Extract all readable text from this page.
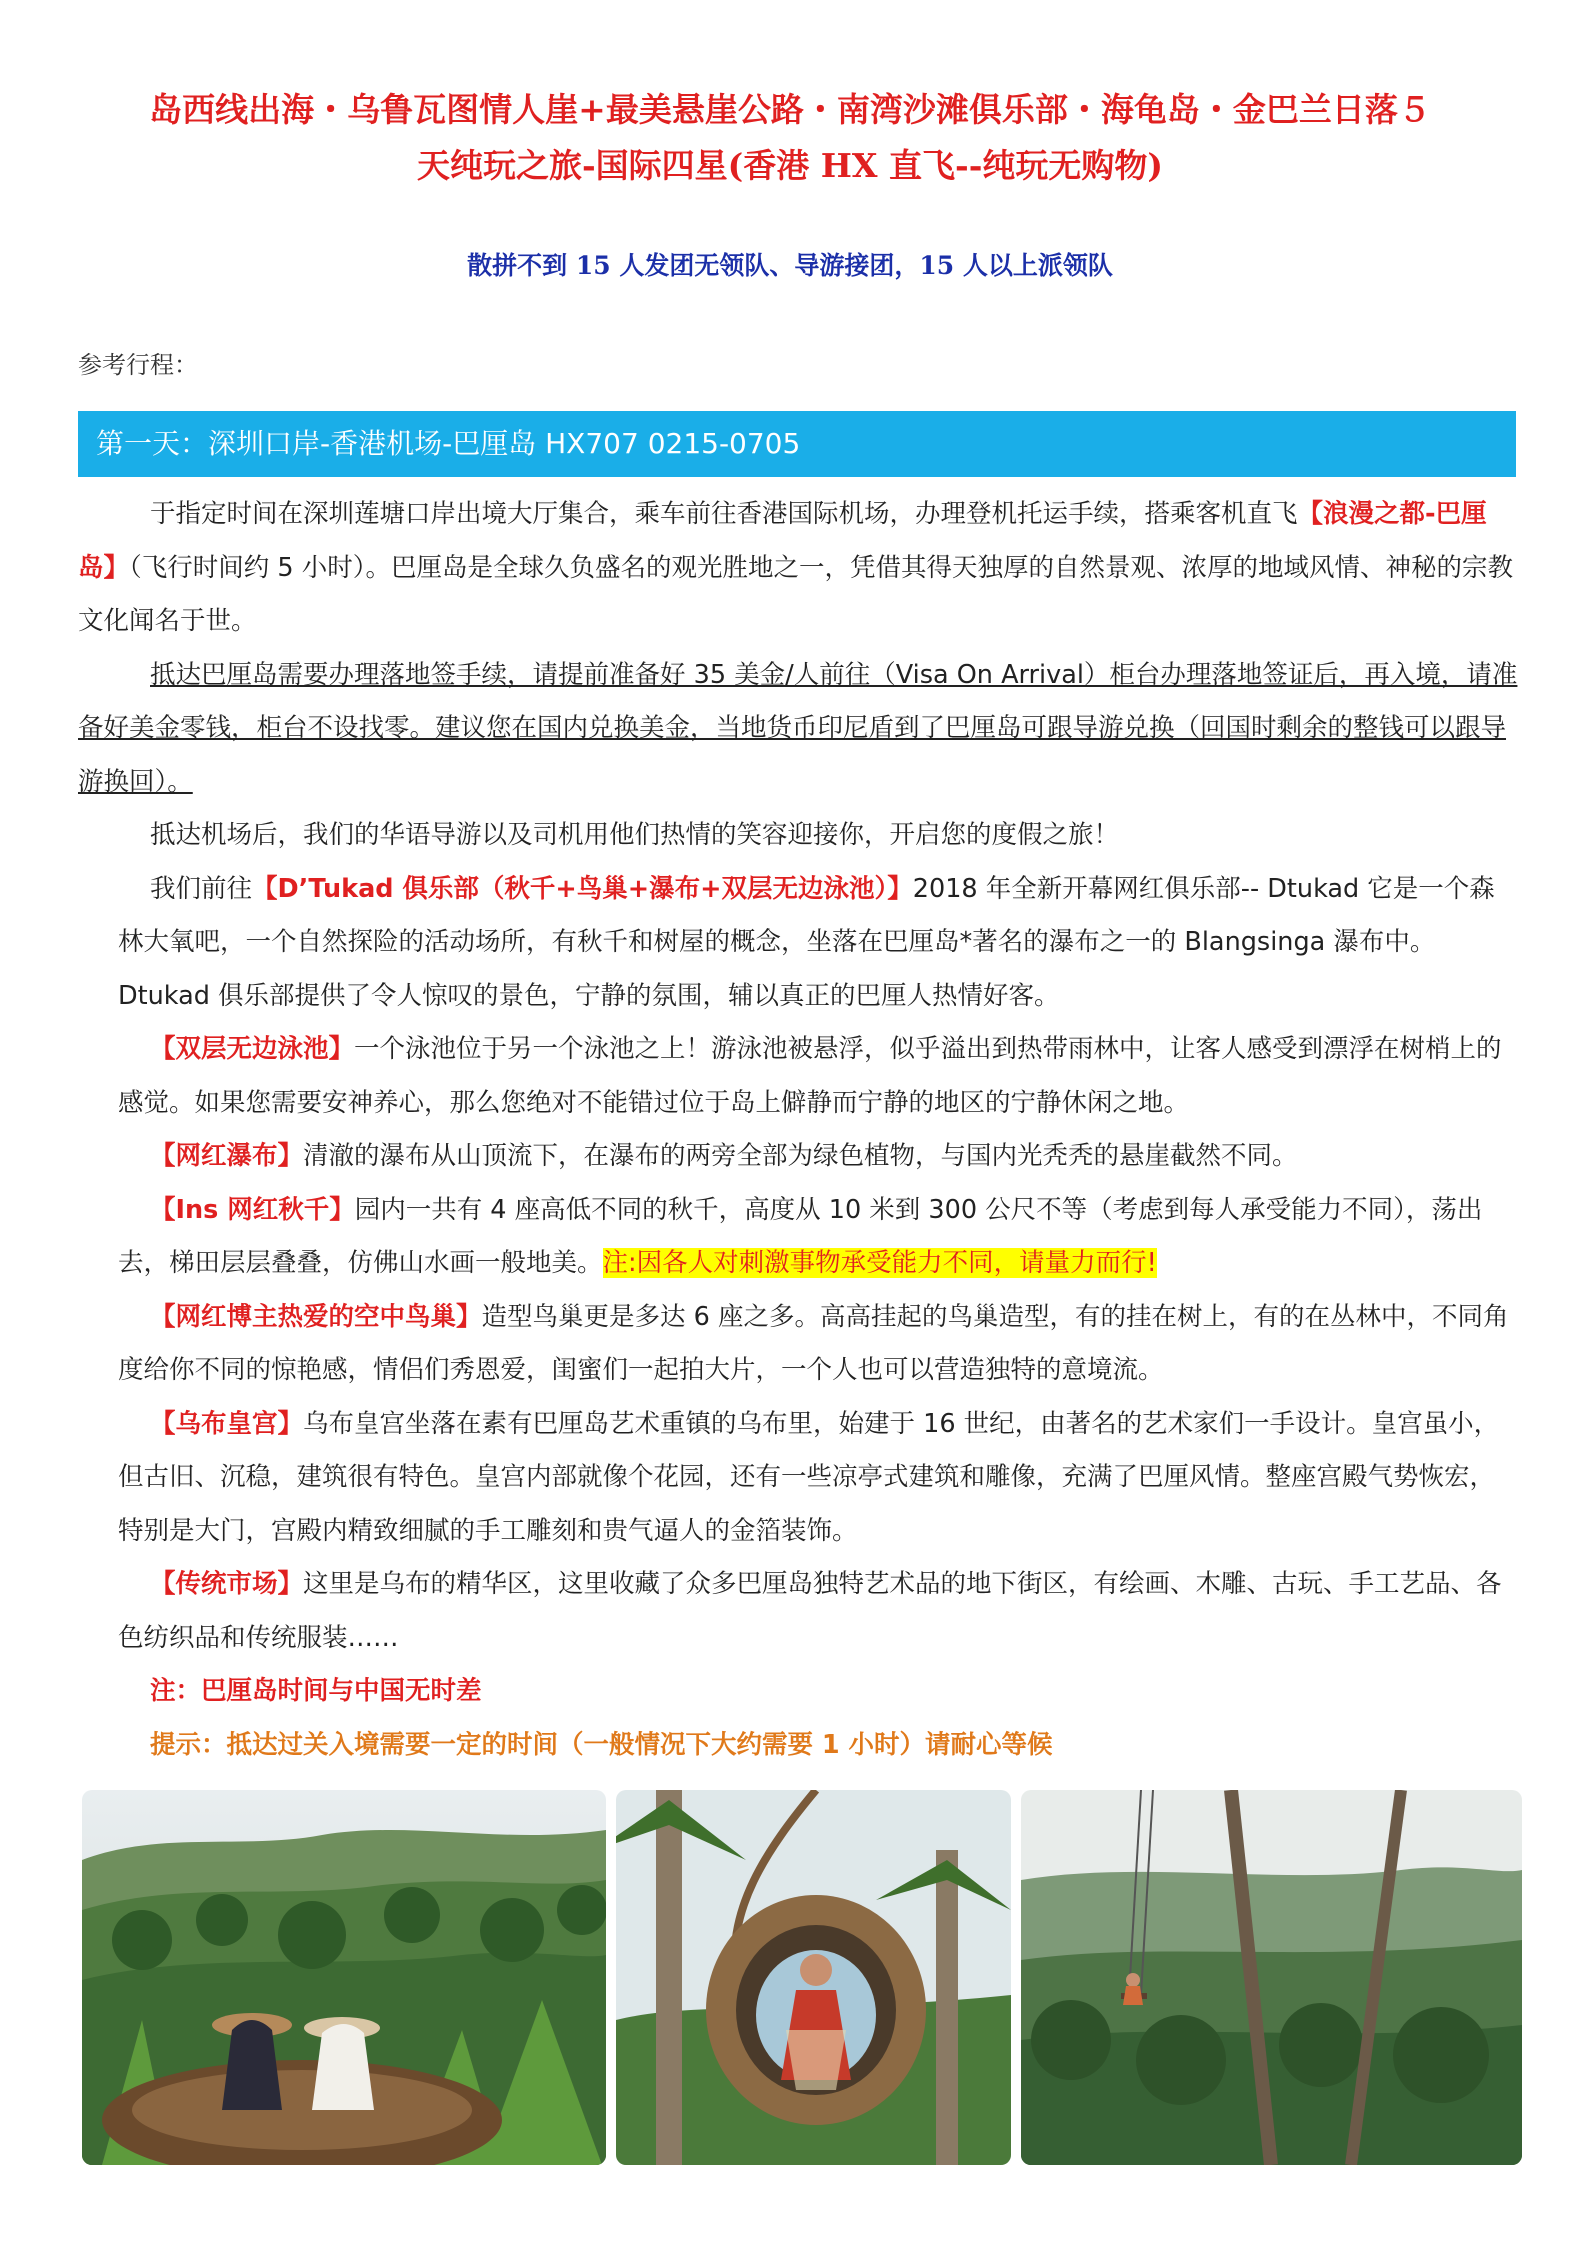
岛西线出海・乌鲁瓦图情人崖+最美悬崖公路・南湾沙滩俱乐部・海龟岛・金巴兰日落５
天纯玩之旅-国际四星(香港 HX 直飞--纯玩无购物)
散拼不到 15 人发团无领队、导游接团，15 人以上派领队
参考行程：
第一天：深圳口岸-香港机场-巴厘岛 HX707 0215-0705

于指定时间在深圳莲塘口岸出境大厅集合，乘车前往香港国际机场，办理登机托运手续，搭乘客机直飞【浪漫之都-巴厘岛】（飞行时间约 5 小时）。巴厘岛是全球久负盛名的观光胜地之一，凭借其得天独厚的自然景观、浓厚的地域风情、神秘的宗教文化闻名于世。

抵达巴厘岛需要办理落地签手续，请提前准备好 35 美金/人前往（Visa On Arrival）柜台办理落地签证后，再入境，请准备好美金零钱，柜台不设找零。建议您在国内兑换美金，当地货币印尼盾到了巴厘岛可跟导游兑换（回国时剩余的整钱可以跟导游换回）。

抵达机场后，我们的华语导游以及司机用他们热情的笑容迎接你，开启您的度假之旅！

我们前往【D’Tukad 俱乐部（秋千+鸟巢+瀑布+双层无边泳池）】2018 年全新开幕网红俱乐部-- Dtukad 它是一个森林大氧吧，一个自然探险的活动场所，有秋千和树屋的概念，坐落在巴厘岛*著名的瀑布之一的 Blangsinga 瀑布中。 Dtukad 俱乐部提供了令人惊叹的景色，宁静的氛围，辅以真正的巴厘人热情好客。

【双层无边泳池】一个泳池位于另一个泳池之上！游泳池被悬浮，似乎溢出到热带雨林中，让客人感受到漂浮在树梢上的感觉。如果您需要安神养心，那么您绝对不能错过位于岛上僻静而宁静的地区的宁静休闲之地。

【网红瀑布】清澈的瀑布从山顶流下，在瀑布的两旁全部为绿色植物，与国内光秃秃的悬崖截然不同。

【Ins 网红秋千】园内一共有 4 座高低不同的秋千，高度从 10 米到 300 公尺不等（考虑到每人承受能力不同），荡出去，梯田层层叠叠，仿佛山水画一般地美。注:因各人对刺激事物承受能力不同，请量力而行!

【网红博主热爱的空中鸟巢】造型鸟巢更是多达 6 座之多。高高挂起的鸟巢造型，有的挂在树上，有的在丛林中，不同角度给你不同的惊艳感，情侣们秀恩爱，闺蜜们一起拍大片，一个人也可以营造独特的意境流。

【乌布皇宫】乌布皇宫坐落在素有巴厘岛艺术重镇的乌布里，始建于 16 世纪，由著名的艺术家们一手设计。皇宫虽小，但古旧、沉稳，建筑很有特色。皇宫内部就像个花园，还有一些凉亭式建筑和雕像，充满了巴厘风情。整座宫殿气势恢宏，特别是大门，宫殿内精致细腻的手工雕刻和贵气逼人的金箔装饰。

【传统市场】这里是乌布的精华区，这里收藏了众多巴厘岛独特艺术品的地下街区，有绘画、木雕、古玩、手工艺品、各色纺织品和传统服装……

注：巴厘岛时间与中国无时差

提示：抵达过关入境需要一定的时间（一般情况下大约需要 1 小时）请耐心等候
